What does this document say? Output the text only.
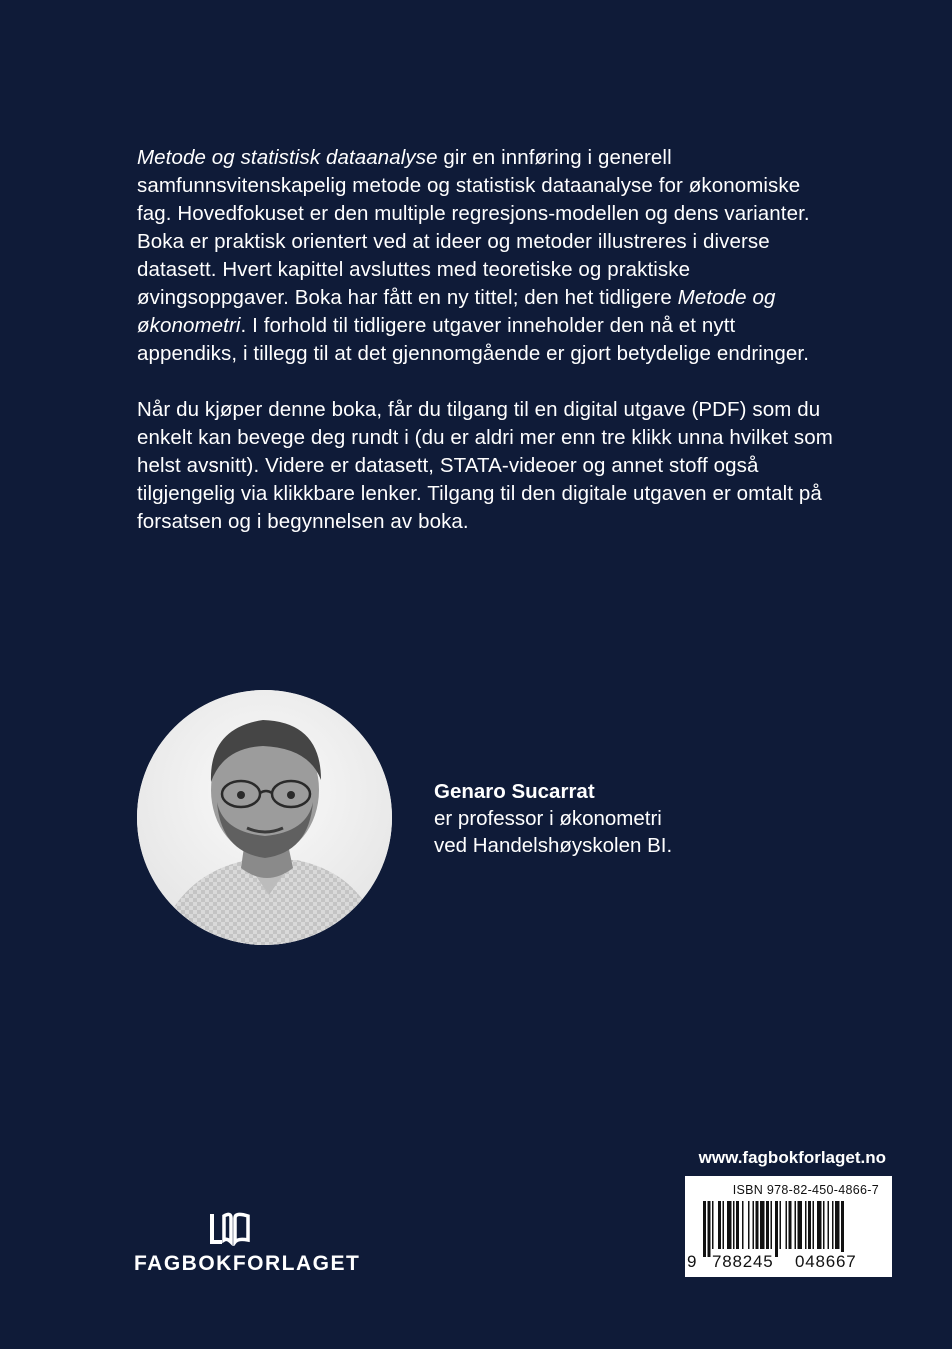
Metode og statistisk dataanalyse gir en innføring i generell samfunnsvitenskapelig metode og statistisk dataanalyse for økonomiske fag. Hovedfokuset er den multiple regresjons-modellen og dens varianter. Boka er praktisk orientert ved at ideer og metoder illustreres i diverse datasett. Hvert kapittel avsluttes med teoretiske og praktiske øvingsoppgaver. Boka har fått en ny tittel; den het tidligere Metode og økonometri. I forhold til tidligere utgaver inneholder den nå et nytt appendiks, i tillegg til at det gjennomgående er gjort betydelige endringer.

Når du kjøper denne boka, får du tilgang til en digital utgave (PDF) som du enkelt kan bevege deg rundt i (du er aldri mer enn tre klikk unna hvilket som helst avsnitt). Videre er datasett, STATA-videoer og annet stoff også tilgjengelig via klikkbare lenker. Tilgang til den digitale utgaven er omtalt på forsatsen og i begynnelsen av boka.

Genaro Sucarrat
er professor i økonometri
ved Handelshøyskolen BI.
FAGBOKFORLAGET
www.fagbokforlaget.no
ISBN 978-82-450-4866-7
9 788245 048667
